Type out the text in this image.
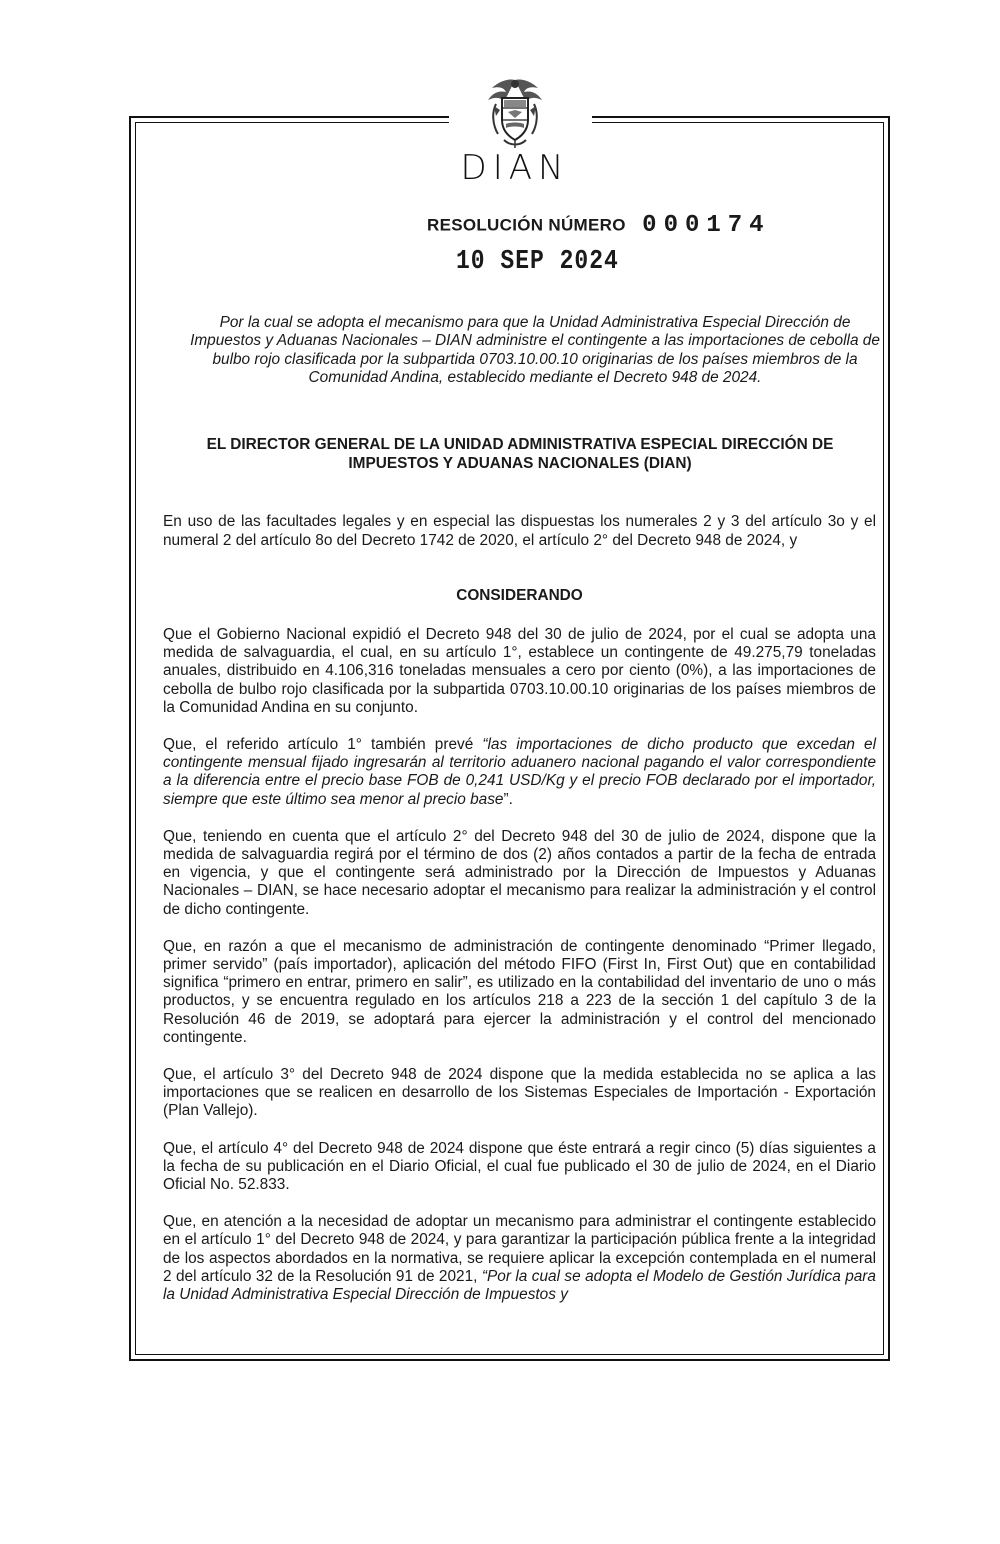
DIAN
RESOLUCIÓN NÚMERO 000174
10 SEP 2024
Por la cual se adopta el mecanismo para que la Unidad Administrativa Especial Dirección de Impuestos y Aduanas Nacionales – DIAN administre el contingente a las importaciones de cebolla de bulbo rojo clasificada por la subpartida 0703.10.00.10 originarias de los países miembros de la Comunidad Andina, establecido mediante el Decreto 948 de 2024.
EL DIRECTOR GENERAL DE LA UNIDAD ADMINISTRATIVA ESPECIAL DIRECCIÓN DE IMPUESTOS Y ADUANAS NACIONALES (DIAN)
En uso de las facultades legales y en especial las dispuestas los numerales 2 y 3 del artículo 3o y el numeral 2 del artículo 8o del Decreto 1742 de 2020, el artículo 2° del Decreto 948 de 2024, y
CONSIDERANDO

Que el Gobierno Nacional expidió el Decreto 948 del 30 de julio de 2024, por el cual se adopta una medida de salvaguardia, el cual, en su artículo 1°, establece un contingente de 49.275,79 toneladas anuales, distribuido en 4.106,316 toneladas mensuales a cero por ciento (0%), a las importaciones de cebolla de bulbo rojo clasificada por la subpartida 0703.10.00.10 originarias de los países miembros de la Comunidad Andina en su conjunto.

Que, el referido artículo 1° también prevé “las importaciones de dicho producto que excedan el contingente mensual fijado ingresarán al territorio aduanero nacional pagando el valor correspondiente a la diferencia entre el precio base FOB de 0,241 USD/Kg y el precio FOB declarado por el importador, siempre que este último sea menor al precio base”.

Que, teniendo en cuenta que el artículo 2° del Decreto 948 del 30 de julio de 2024, dispone que la medida de salvaguardia regirá por el término de dos (2) años contados a partir de la fecha de entrada en vigencia, y que el contingente será administrado por la Dirección de Impuestos y Aduanas Nacionales – DIAN, se hace necesario adoptar el mecanismo para realizar la administración y el control de dicho contingente.

Que, en razón a que el mecanismo de administración de contingente denominado “Primer llegado, primer servido” (país importador), aplicación del método FIFO (First In, First Out) que en contabilidad significa “primero en entrar, primero en salir”, es utilizado en la contabilidad del inventario de uno o más productos, y se encuentra regulado en los artículos 218 a 223 de la sección 1 del capítulo 3 de la Resolución 46 de 2019, se adoptará para ejercer la administración y el control del mencionado contingente.

Que, el artículo 3° del Decreto 948 de 2024 dispone que la medida establecida no se aplica a las importaciones que se realicen en desarrollo de los Sistemas Especiales de Importación - Exportación (Plan Vallejo).

Que, el artículo 4° del Decreto 948 de 2024 dispone que éste entrará a regir cinco (5) días siguientes a la fecha de su publicación en el Diario Oficial, el cual fue publicado el 30 de julio de 2024, en el Diario Oficial No. 52.833.

Que, en atención a la necesidad de adoptar un mecanismo para administrar el contingente establecido en el artículo 1° del Decreto 948 de 2024, y para garantizar la participación pública frente a la integridad de los aspectos abordados en la normativa, se requiere aplicar la excepción contemplada en el numeral 2 del artículo 32 de la Resolución 91 de 2021, “Por la cual se adopta el Modelo de Gestión Jurídica para la Unidad Administrativa Especial Dirección de Impuestos y
